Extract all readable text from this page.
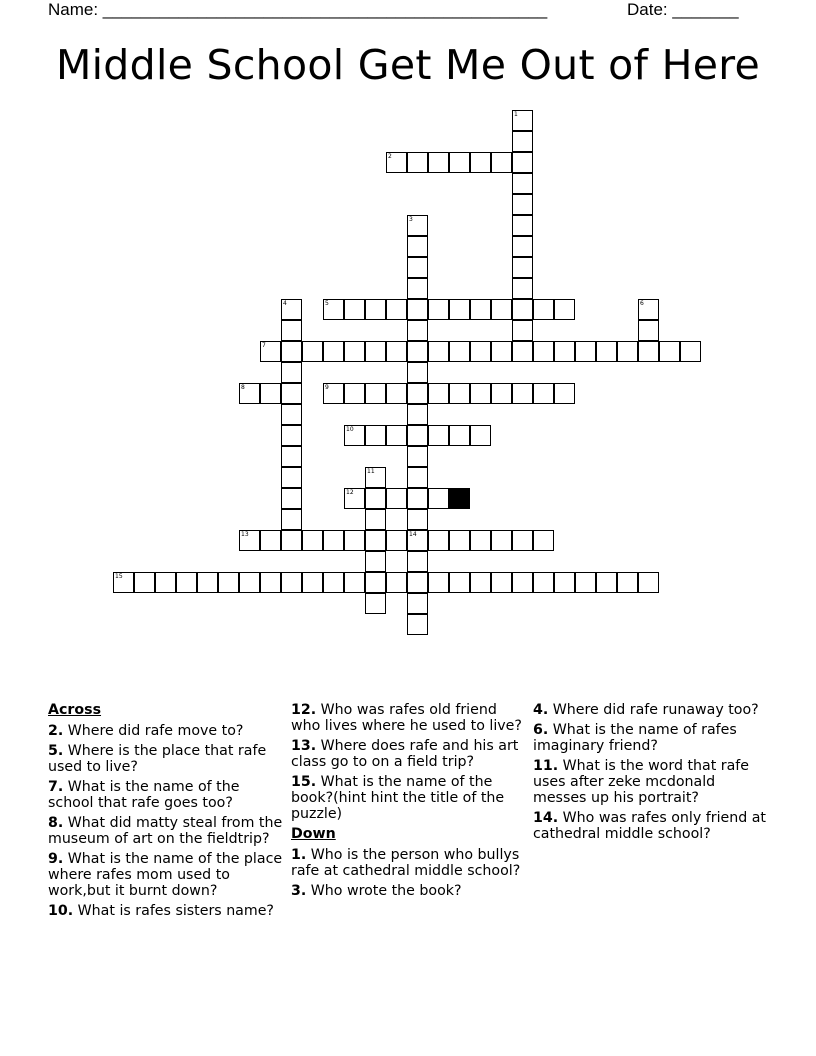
Name: _______________________________________________	Date: _______
Middle School Get Me Out of Here
2
5
7
8	9
10
12
13	14
15
1
3
4	6
11
Across
2. Where did rafe move to?
5. Where is the place that rafe used to live?
7. What is the name of the school that rafe goes too?
8. What did matty steal from the museum of art on the fieldtrip?
9. What is the name of the place where rafes mom used to work,but it burnt down?
10. What is rafes sisters name?
12. Who was rafes old friend who lives where he used to live?
13. Where does rafe and his art class go to on a field trip?
15. What is the name of the book?(hint hint the title of the puzzle)
Down
1. Who is the person who bullys rafe at cathedral middle school?
3. Who wrote the book?
4. Where did rafe runaway too?
6. What is the name of rafes imaginary friend?
11. What is the word that rafe uses after zeke mcdonald messes up his portrait?
14. Who was rafes only friend at cathedral middle school?
